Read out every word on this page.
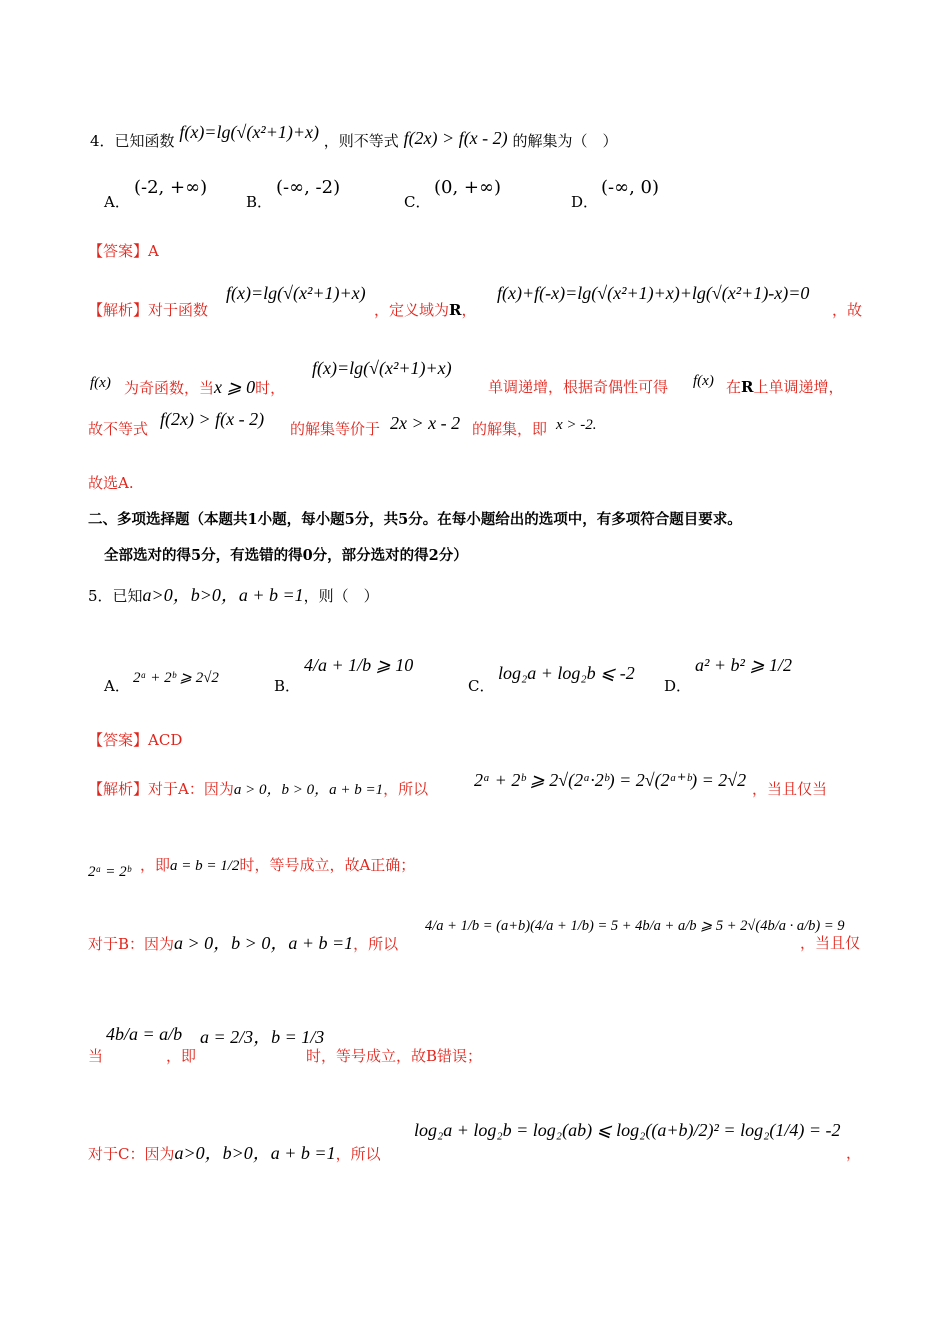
4．已知函数 f(x)=lg(√(x²+1)+x) ，则不等式 f(2x) > f(x - 2) 的解集为（　）
A．
(-2, +∞)
B．
(-∞, -2)
C．
(0, +∞)
D．
(-∞, 0)
【答案】A
【解析】对于函数
f(x)=lg(√(x²+1)+x)
，定义域为R，
f(x)+f(-x)=lg(√(x²+1)+x)+lg(√(x²+1)-x)=0
，故
f(x) 为奇函数，当x ⩾ 0时，
f(x)=lg(√(x²+1)+x)
单调递增，根据奇偶性可得 f(x) 在R上单调递增，
故不等式 f(2x) > f(x - 2) 的解集等价于 2x > x - 2 的解集，即 x > -2.
故选A.
二、多项选择题（本题共1小题，每小题5分，共5分。在每小题给出的选项中，有多项符合题目要求。
全部选对的得5分，有选错的得0分，部分选对的得2分）
5．已知a>0，b>0，a + b =1，则（　）
A． 2ᵃ + 2ᵇ ⩾ 2√2	B．
4/a + 1/b ⩾ 10
C．
log₂a + log₂b ⩽ -2
D．
a² + b² ⩾ 1/2
【答案】ACD
【解析】对于A：因为a > 0，b > 0，a + b =1，所以	2ᵃ + 2ᵇ ⩾ 2√(2ᵃ·2ᵇ) = 2√(2ᵃ⁺ᵇ) = 2√2 ，当且仅当
2ᵃ = 2ᵇ ，即a = b = 1/2时，等号成立，故A正确；
对于B：因为a > 0，b > 0，a + b =1，所以
4/a + 1/b = (a+b)(4/a + 1/b) = 5 + 4b/a + a/b ⩾ 5 + 2√(4b/a · a/b) = 9
，当且仅
当
4b/a = a/b
，即
a = 2/3，b = 1/3
时，等号成立，故B错误；
对于C：因为a>0，b>0，a + b =1，所以
log₂a + log₂b = log₂(ab) ⩽ log₂((a+b)/2)² = log₂(1/4) = -2
，
